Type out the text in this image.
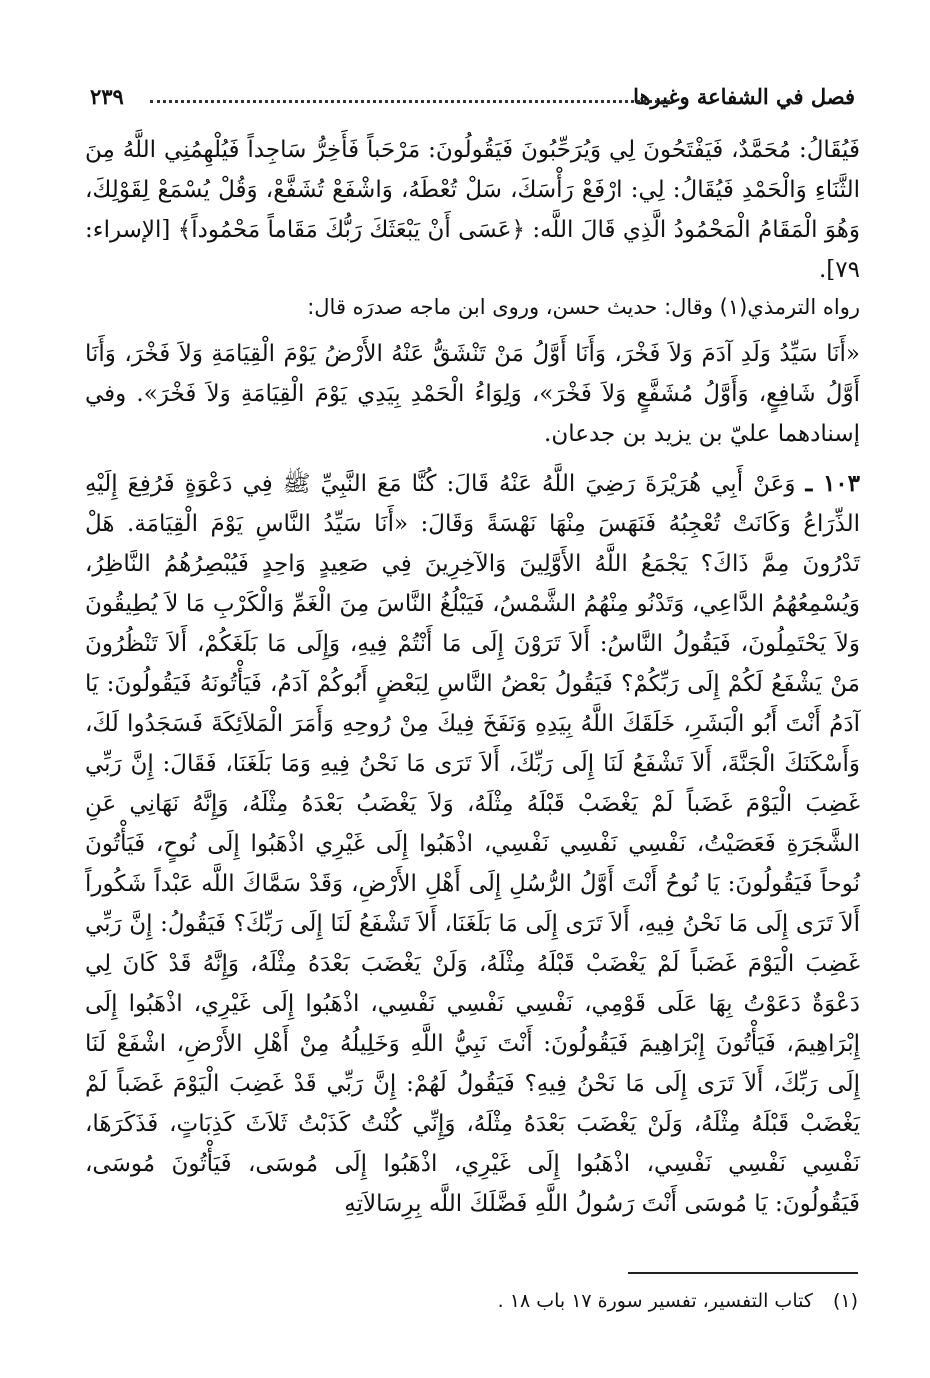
فصل في الشفاعة وغيرها
٢٣٩

فَيُقَالُ: مُحَمَّدٌ، فَيَفْتَحُونَ لِي وَيُرَحِّبُونَ فَيَقُولُونَ: مَرْحَباً فَأَخِرُّ سَاجِداً فَيُلْهِمُنِي اللَّهُ مِنَ الثَّنَاءِ وَالْحَمْدِ فَيُقَالُ: لِي: ارْفَعْ رَأْسَكَ، سَلْ تُعْطَهُ، وَاشْفَعْ تُشَفَّعْ، وَقُلْ يُسْمَعْ لِقَوْلِكَ، وَهُوَ الْمَقَامُ الْمَحْمُودُ الَّذِي قَالَ اللَّه: ﴿عَسَى أَنْ يَبْعَثَكَ رَبُّكَ مَقَاماً مَحْمُوداً﴾ [الإسراء: ٧٩].

رواه الترمذي(١) وقال: حديث حسن، وروى ابن ماجه صدرَه قال:

«أَنَا سَيِّدُ وَلَدِ آدَمَ وَلاَ فَخْرَ، وَأَنَا أَوَّلُ مَنْ تَنْشَقُّ عَنْهُ الأَرْضُ يَوْمَ الْقِيَامَةِ وَلاَ فَخْرَ، وَأَنَا أَوَّلُ شَافِعٍ، وَأَوَّلُ مُشَفَّعٍ وَلاَ فَخْرَ»، وَلِوَاءُ الْحَمْدِ بِيَدِي يَوْمَ الْقِيَامَةِ وَلاَ فَخْرَ». وفي إسنادهما عليّ بن يزيد بن جدعان.

١٠٣ ـ وَعَنْ أَبِي هُرَيْرَةَ رَضِيَ اللَّهُ عَنْهُ قَالَ: كُنَّا مَعَ النَّبِيِّ ﷺ فِي دَعْوَةٍ فَرُفِعَ إِلَيْهِ الذِّرَاعُ وَكَانَتْ تُعْجِبُهُ فَنَهَسَ مِنْهَا نَهْسَةً وَقَالَ: «أَنَا سَيِّدُ النَّاسِ يَوْمَ الْقِيَامَة. هَلْ تَدْرُونَ مِمَّ ذَاكَ؟ يَجْمَعُ اللَّهُ الأَوَّلِينَ وَالآخِرِينَ فِي صَعِيدٍ وَاحِدٍ فَيُبْصِرُهُمُ النَّاظِرُ، وَيُسْمِعُهُمُ الدَّاعِي، وَتَدْنُو مِنْهُمُ الشَّمْسُ، فَيَبْلُغُ النَّاسَ مِنَ الْغَمِّ وَالْكَرْبِ مَا لاَ يُطِيقُونَ وَلاَ يَحْتَمِلُونَ، فَيَقُولُ النَّاسُ: أَلاَ تَرَوْنَ إِلَى مَا أَنْتُمْ فِيهِ، وَإِلَى مَا بَلَغَكُمْ، أَلاَ تَنْظُرُونَ مَنْ يَشْفَعُ لَكُمْ إِلَى رَبِّكُمْ؟ فَيَقُولُ بَعْضُ النَّاسِ لِبَعْضٍ أَبُوكُمْ آدَمُ، فَيَأْتُونَهُ فَيَقُولُونَ: يَا آدَمُ أَنْتَ أَبُو الْبَشَرِ، خَلَقَكَ اللَّهُ بِيَدِهِ وَنَفَخَ فِيكَ مِنْ رُوحِهِ وَأَمَرَ الْمَلاَئِكَةَ فَسَجَدُوا لَكَ، وَأَسْكَنَكَ الْجَنَّةَ، أَلاَ تَشْفَعُ لَنَا إِلَى رَبِّكَ، أَلاَ تَرَى مَا نَحْنُ فِيهِ وَمَا بَلَغَنَا، فَقَالَ: إِنَّ رَبِّي غَضِبَ الْيَوْمَ غَضَباً لَمْ يَغْضَبْ قَبْلَهُ مِثْلَهُ، وَلاَ يَغْضَبُ بَعْدَهُ مِثْلَهُ، وَإِنَّهُ نَهَانِي عَنِ الشَّجَرَةِ فَعَصَيْتُ، نَفْسِي نَفْسِي نَفْسِي، اذْهَبُوا إِلَى غَيْرِي اذْهَبُوا إِلَى نُوحٍ، فَيَأْتُونَ نُوحاً فَيَقُولُونَ: يَا نُوحُ أَنْتَ أَوَّلُ الرُّسُلِ إِلَى أَهْلِ الأَرْضِ، وَقَدْ سَمَّاكَ اللَّه عَبْداً شَكُوراً أَلاَ تَرَى إِلَى مَا نَحْنُ فِيهِ، أَلاَ تَرَى إِلَى مَا بَلَغَنَا، أَلاَ تَشْفَعُ لَنَا إِلَى رَبِّكَ؟ فَيَقُولُ: إِنَّ رَبِّي غَضِبَ الْيَوْمَ غَضَباً لَمْ يَغْضَبْ قَبْلَهُ مِثْلَهُ، وَلَنْ يَغْضَبَ بَعْدَهُ مِثْلَهُ، وَإِنَّهُ قَدْ كَانَ لِي دَعْوَةٌ دَعَوْتُ بِهَا عَلَى قَوْمِي، نَفْسِي نَفْسِي نَفْسِي، اذْهَبُوا إِلَى غَيْرِي، اذْهَبُوا إِلَى إِبْرَاهِيمَ، فَيَأْتُونَ إِبْرَاهِيمَ فَيَقُولُونَ: أَنْتَ نَبِيُّ اللَّهِ وَخَلِيلُهُ مِنْ أَهْلِ الأَرْضِ، اشْفَعْ لَنَا إِلَى رَبِّكَ، أَلاَ تَرَى إِلَى مَا نَحْنُ فِيهِ؟ فَيَقُولُ لَهُمْ: إِنَّ رَبِّي قَدْ غَضِبَ الْيَوْمَ غَضَباً لَمْ يَغْضَبْ قَبْلَهُ مِثْلَهُ، وَلَنْ يَغْضَبَ بَعْدَهُ مِثْلَهُ، وَإِنِّي كُنْتُ كَذَبْتُ ثَلاَثَ كَذِبَاتٍ، فَذَكَرَهَا، نَفْسِي نَفْسِي نَفْسِي، اذْهَبُوا إِلَى غَيْرِي، اذْهَبُوا إِلَى مُوسَى، فَيَأْتُونَ مُوسَى، فَيَقُولُونَ: يَا مُوسَى أَنْتَ رَسُولُ اللَّهِ فَضَّلَكَ اللَّه بِرِسَالاَتِهِ

(١) كتاب التفسير، تفسير سورة ١٧ باب ١٨ .
